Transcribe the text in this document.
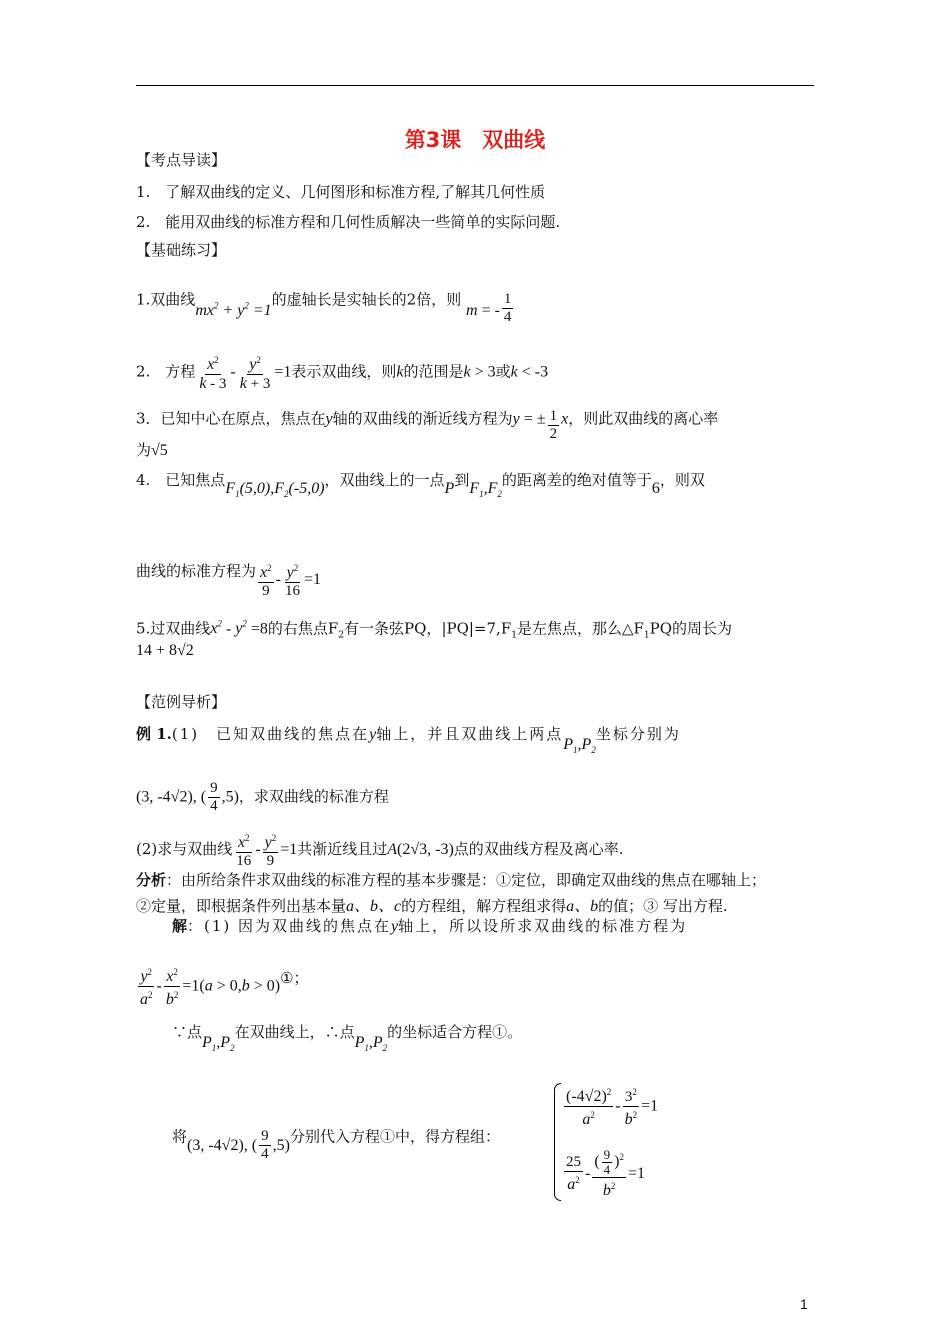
第3课　双曲线
【考点导读】
1.　了解双曲线的定义、几何图形和标准方程,了解其几何性质
2.　能用双曲线的标准方程和几何性质解决一些简单的实际问题.
【基础练习】
1.双曲线$mx^2 + y^2 =1$的虚轴长是实轴长的2倍，则 m = - $\frac{1}{4}$
2.　方程 $\frac{x^2}{k - 3} - \frac{y^2}{k + 3} =1$表示双曲线，则k的范围是k > 3或k < -3
3．已知中心在原点，焦点在y轴的双曲线的渐近线方程为y = ± $\frac{1}{2}$ x，则此双曲线的离心率
为√5
4.　已知焦点$F_1(5,0),F_2(-5,0)$，双曲线上的一点P到$F_1,F_2$的距离差的绝对值等于6，则双
曲线的标准方程为 $\frac{x^2}{9} - \frac{y^2}{16} =1$
5.过双曲线$x^2 - y^2 =8$的右焦点$F_2$有一条弦PQ，$|PQ|=7,F_1$是左焦点，那么$\triangle F_1PQ$的周长为
14 + 8√2
【范例导析】
例 1.(1)　已知双曲线的焦点在y轴上，并且双曲线上两点$P_1,P_2$坐标分别为
(3, -4√2), ( $\frac{9}{4} ,5$)，求双曲线的标准方程
(2)求与双曲线 $\frac{x^2}{16} - \frac{y^2}{9} =1$共渐近线且过A(2√3, -3)点的双曲线方程及离心率.
分析：由所给条件求双曲线的标准方程的基本步骤是：①定位，即确定双曲线的焦点在哪轴上；
②定量，即根据条件列出基本量a、b、c的方程组，解方程组求得a、b的值；③ 写出方程.
解：(1) 因为双曲线的焦点在y轴上，所以设所求双曲线的标准方程为
$\frac{y^2}{a^2} - \frac{x^2}{b^2} =1(a > 0,b$ > 0)①；
∵点$P_1,P_2$在双曲线上，∴点$P_1,P_2$的坐标适合方程①。
将(3, -4√2), ( $\frac{9}{4} ,5$)分别代入方程①中，得方程组：
$\frac{(-4√2)^2}{a^2} - \frac{3^2}{b^2} =1$
$\frac{25}{a^2} - \frac{( \frac{9}{4} )^2}{b^2} =1$
1
